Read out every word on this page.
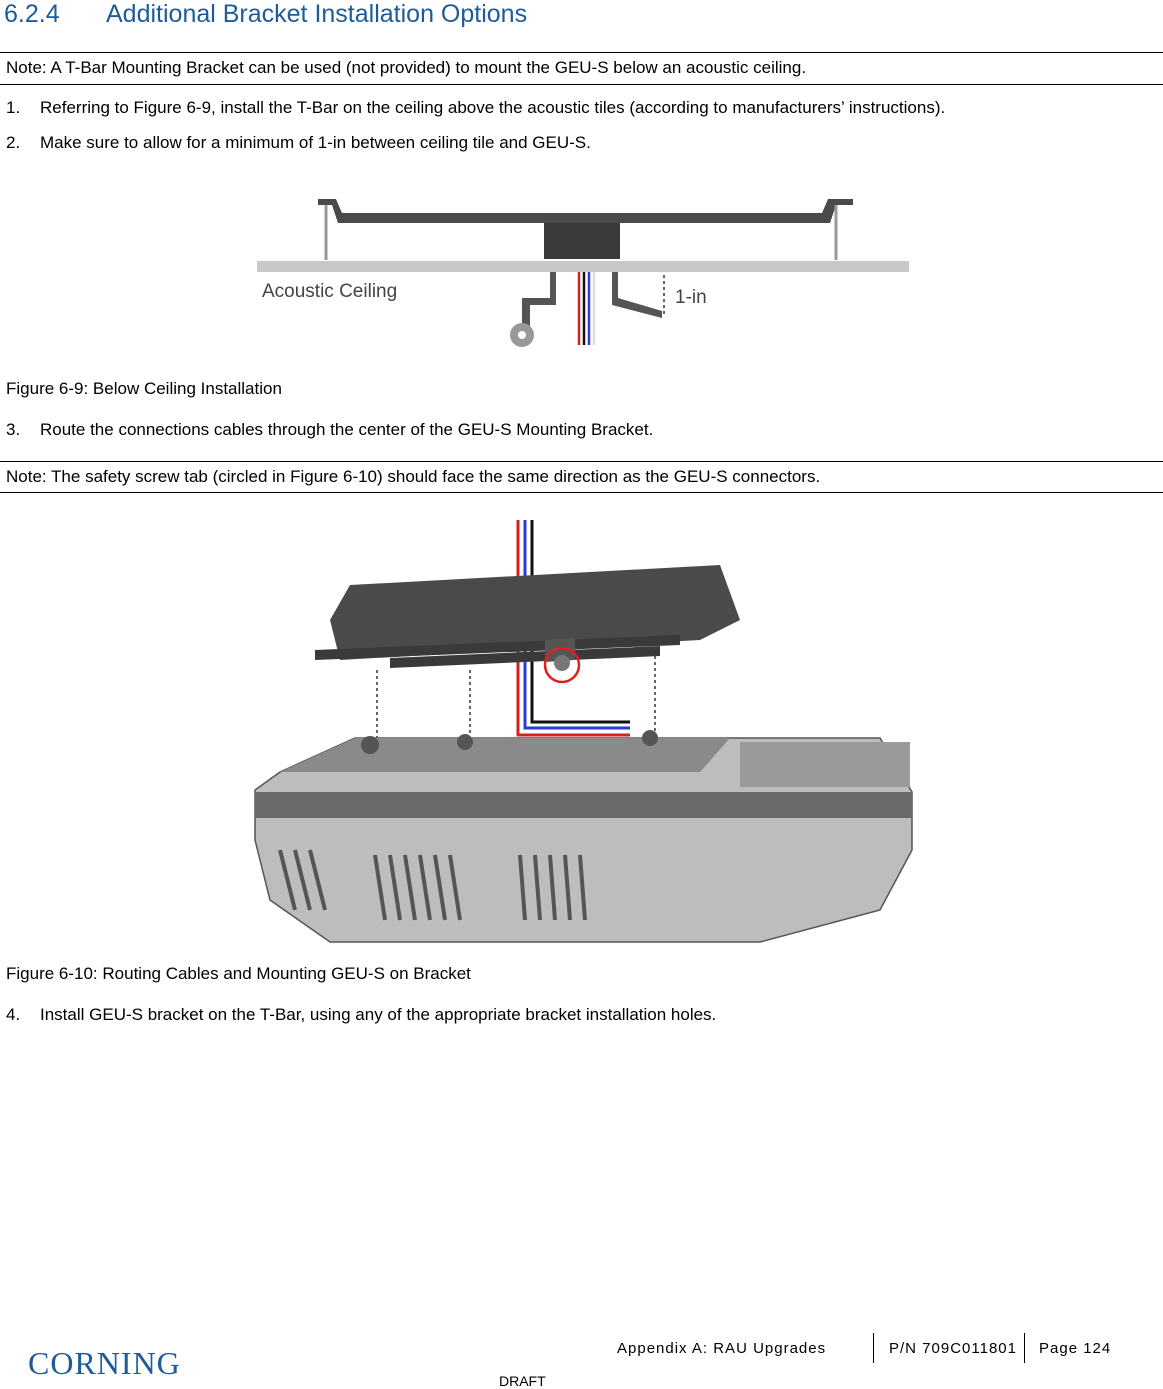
6.2.4 Additional Bracket Installation Options
Note: A T-Bar Mounting Bracket can be used (not provided) to mount the GEU-S below an acoustic ceiling.
1. Referring to Figure 6-9, install the T-Bar on the ceiling above the acoustic tiles (according to manufacturers’ instructions).
2. Make sure to allow for a minimum of 1-in between ceiling tile and GEU-S.
Acoustic Ceiling	1-in
Figure 6-9: Below Ceiling Installation
3. Route the connections cables through the center of the GEU-S Mounting Bracket.
Note: The safety screw tab (circled in Figure 6-10) should face the same direction as the GEU-S connectors.
Figure 6-10: Routing Cables and Mounting GEU-S on Bracket
4. Install GEU-S bracket on the T-Bar, using any of the appropriate bracket installation holes.
CORNING	Appendix A: RAU Upgrades	P/N 709C011801 Page 124
DRAFT
